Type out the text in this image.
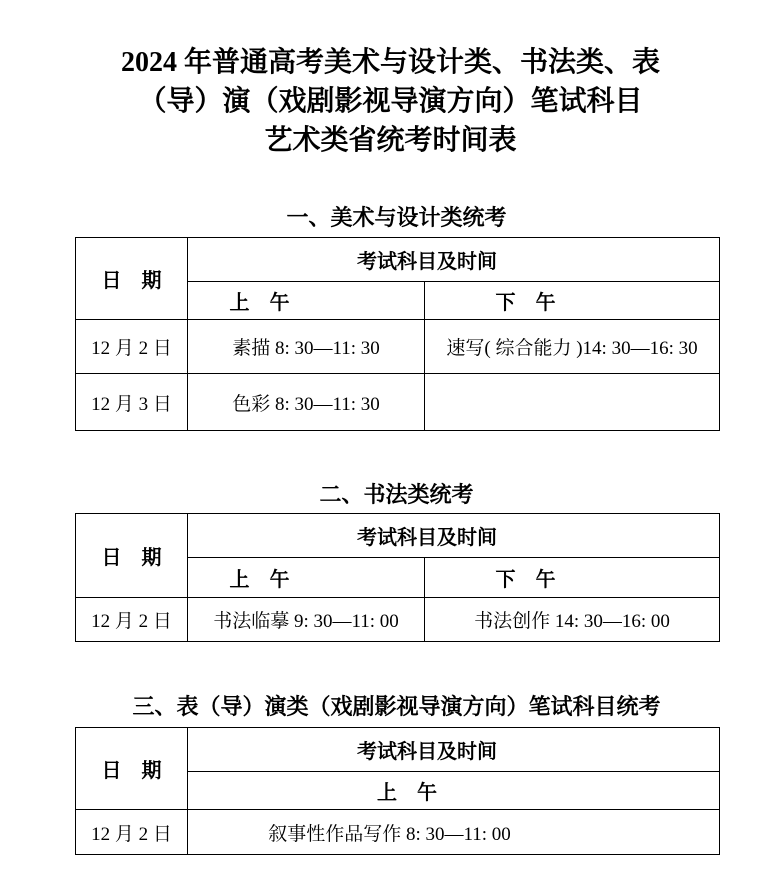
2024 年普通高考美术与设计类、书法类、表
（导）演（戏剧影视导演方向）笔试科目
艺术类省统考时间表
一、美术与设计类统考
日　期	考试科目及时间	
	上　午	下　午
12 月 2 日	素描 8: 30—11: 30	速写( 综合能力 )14: 30—16: 30
12 月 3 日	色彩 8: 30—11: 30	
二、书法类统考
日　期	考试科目及时间	
	上　午	下　午
12 月 2 日	书法临摹 9: 30—11: 00	书法创作 14: 30—16: 00
三、表（导）演类（戏剧影视导演方向）笔试科目统考
日　期	考试科目及时间
	上　午
12 月 2 日	叙事性作品写作 8: 30—11: 00
